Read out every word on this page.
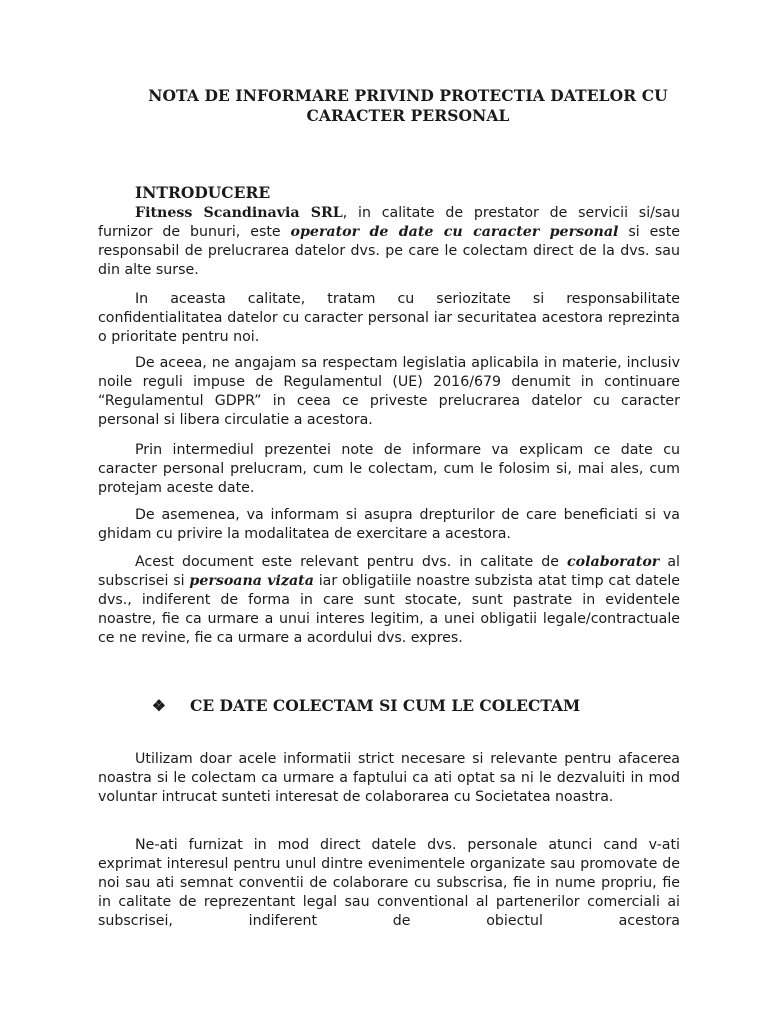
NOTA DE INFORMARE PRIVIND PROTECTIA DATELOR CU
CARACTER PERSONAL
INTRODUCERE
Fitness Scandinavia SRL, in calitate de prestator de servicii si/sau furnizor de bunuri, este operator de date cu caracter personal si este responsabil de prelucrarea datelor dvs. pe care le colectam direct de la dvs. sau din alte surse.
In aceasta calitate, tratam cu seriozitate si responsabilitate confidentialitatea datelor cu caracter personal iar securitatea acestora reprezinta o prioritate pentru noi.
De aceea, ne angajam sa respectam legislatia aplicabila in materie, inclusiv noile reguli impuse de Regulamentul (UE) 2016/679 denumit in continuare “Regulamentul GDPR” in ceea ce priveste prelucrarea datelor cu caracter personal si libera circulatie a acestora.
Prin intermediul prezentei note de informare va explicam ce date cu caracter personal prelucram, cum le colectam, cum le folosim si, mai ales, cum protejam aceste date.
De asemenea, va informam si asupra drepturilor de care beneficiati si va ghidam cu privire la modalitatea de exercitare a acestora.
Acest document este relevant pentru dvs. in calitate de colaborator al subscrisei si persoana vizata iar obligatiile noastre subzista atat timp cat datele dvs., indiferent de forma in care sunt stocate, sunt pastrate in evidentele noastre, fie ca urmare a unui interes legitim, a unei obligatii legale/contractuale ce ne revine, fie ca urmare a acordului dvs. expres.
❖ CE DATE COLECTAM SI CUM LE COLECTAM
Utilizam doar acele informatii strict necesare si relevante pentru afacerea noastra si le colectam ca urmare a faptului ca ati optat sa ni le dezvaluiti in mod voluntar intrucat sunteti interesat de colaborarea cu Societatea noastra.
Ne-ati furnizat in mod direct datele dvs. personale atunci cand v-ati exprimat interesul pentru unul dintre evenimentele organizate sau promovate de noi sau ati semnat conventii de colaborare cu subscrisa, fie in nume propriu, fie in calitate de reprezentant legal sau conventional al partenerilor comerciali ai subscrisei, indiferent de obiectul acestora
